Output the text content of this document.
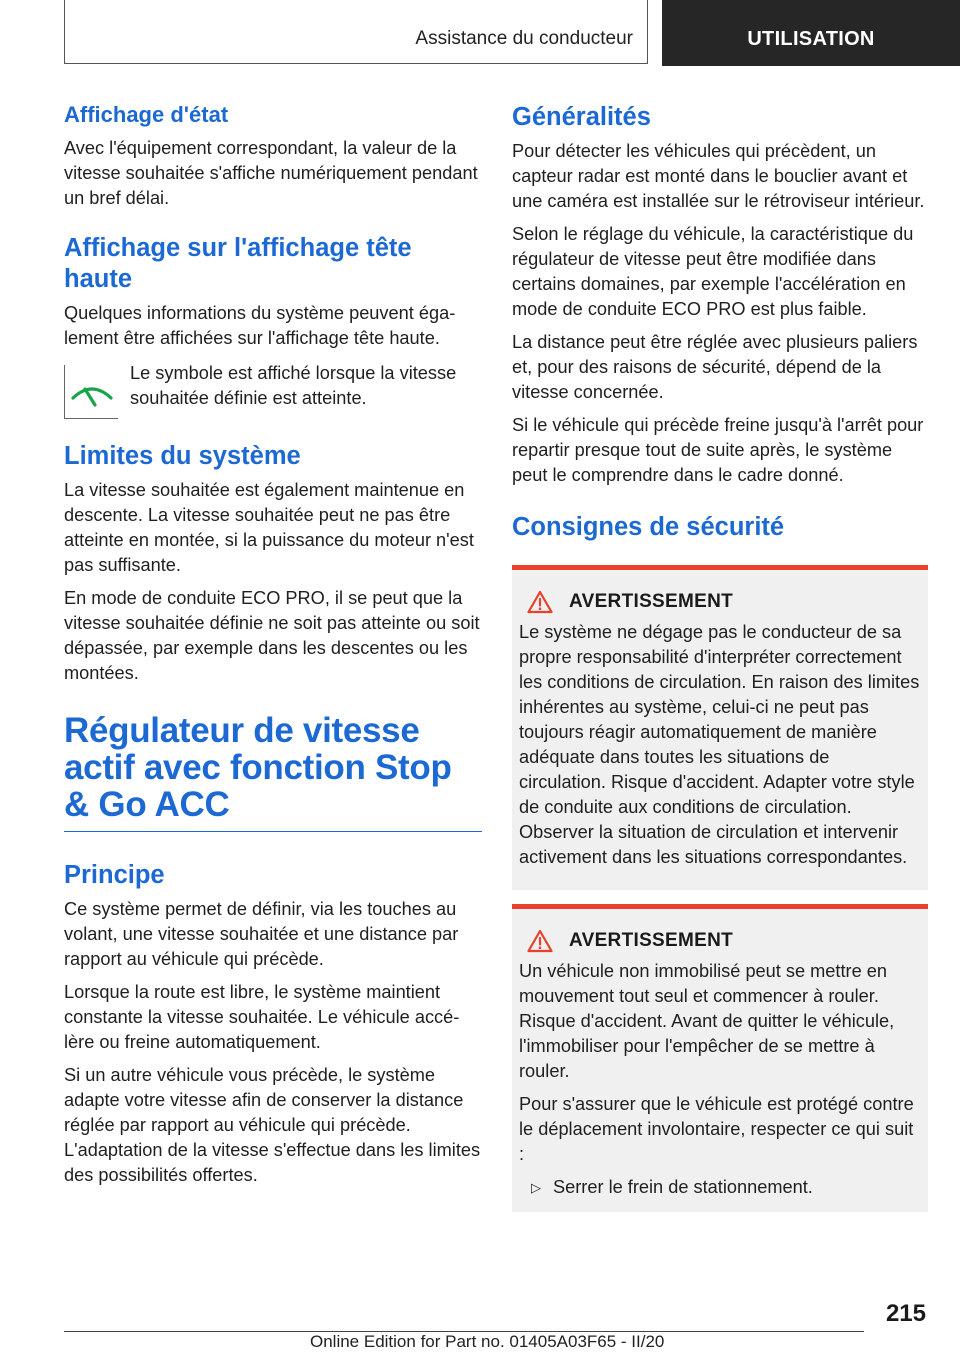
Assistance du conducteur	UTILISATION
Affichage d'état

Avec l'équipement correspondant, la valeur de la vitesse souhaitée s'affiche numériquement pendant un bref délai.

Affichage sur l'affichage tête haute

Quelques informations du système peuvent également être affichées sur l'affichage tête haute.

Le symbole est affiché lorsque la vitesse souhaitée définie est atteinte.

Limites du système

La vitesse souhaitée est également maintenue en descente. La vitesse souhaitée peut ne pas être atteinte en montée, si la puissance du moteur n'est pas suffisante.

En mode de conduite ECO PRO, il se peut que la vitesse souhaitée définie ne soit pas atteinte ou soit dépassée, par exemple dans les descentes ou les montées.

Régulateur de vitesse actif avec fonction Stop & Go ACC
Principe

Ce système permet de définir, via les touches au volant, une vitesse souhaitée et une distance par rapport au véhicule qui précède.

Lorsque la route est libre, le système maintient constante la vitesse souhaitée. Le véhicule accélère ou freine automatiquement.

Si un autre véhicule vous précède, le système adapte votre vitesse afin de conserver la distance réglée par rapport au véhicule qui précède. L'adaptation de la vitesse s'effectue dans les limites des possibilités offertes.

Généralités

Pour détecter les véhicules qui précèdent, un capteur radar est monté dans le bouclier avant et une caméra est installée sur le rétroviseur intérieur.

Selon le réglage du véhicule, la caractéristique du régulateur de vitesse peut être modifiée dans certains domaines, par exemple l'accélération en mode de conduite ECO PRO est plus faible.

La distance peut être réglée avec plusieurs paliers et, pour des raisons de sécurité, dépend de la vitesse concernée.

Si le véhicule qui précède freine jusqu'à l'arrêt pour repartir presque tout de suite après, le système peut le comprendre dans le cadre donné.

Consignes de sécurité
AVERTISSEMENT

Le système ne dégage pas le conducteur de sa propre responsabilité d'interpréter correctement les conditions de circulation. En raison des limites inhérentes au système, celui-ci ne peut pas toujours réagir automatiquement de manière adéquate dans toutes les situations de circulation. Risque d'accident. Adapter votre style de conduite aux conditions de circulation. Observer la situation de circulation et intervenir activement dans les situations correspondantes.

AVERTISSEMENT

Un véhicule non immobilisé peut se mettre en mouvement tout seul et commencer à rouler. Risque d'accident. Avant de quitter le véhicule, l'immobiliser pour l'empêcher de se mettre à rouler.

Pour s'assurer que le véhicule est protégé contre le déplacement involontaire, respecter ce qui suit :

▷ Serrer le frein de stationnement.
215
Online Edition for Part no. 01405A03F65 - II/20
